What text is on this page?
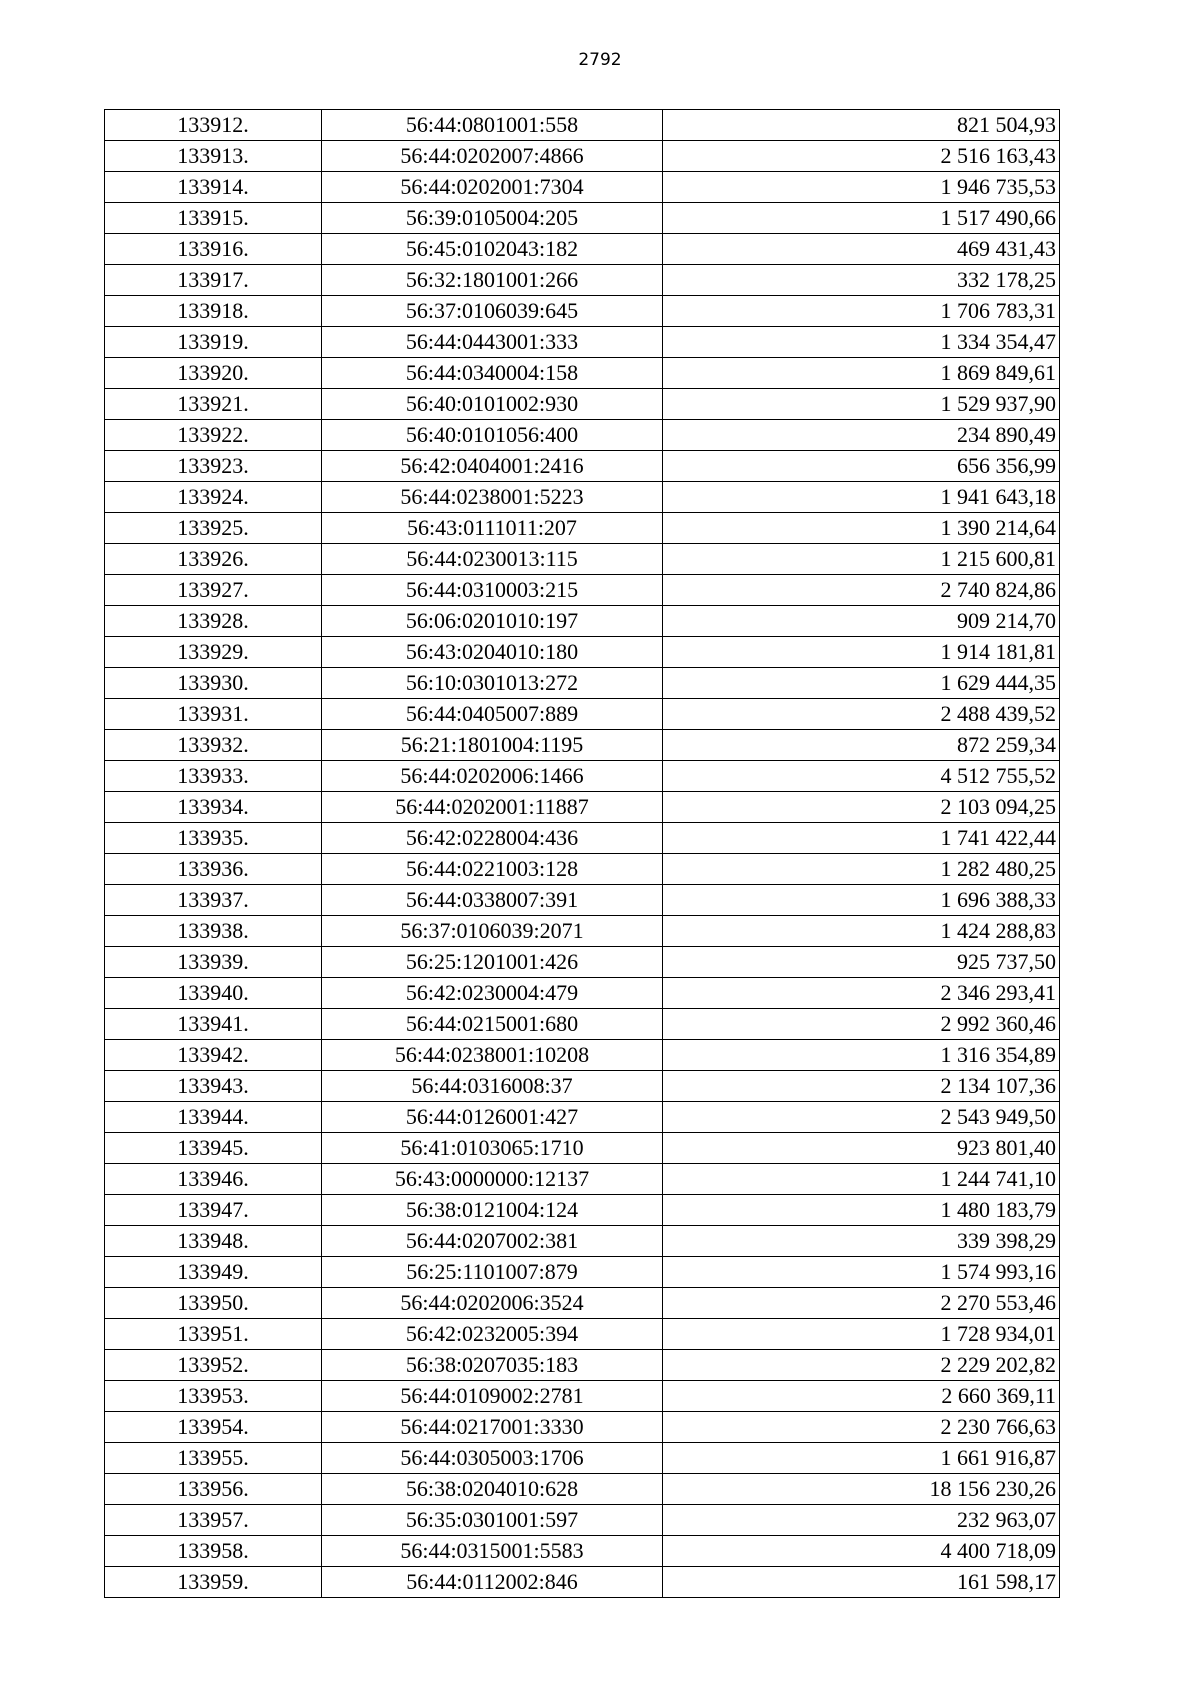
2792
133912.	56:44:0801001:558	821 504,93
133913.	56:44:0202007:4866	2 516 163,43
133914.	56:44:0202001:7304	1 946 735,53
133915.	56:39:0105004:205	1 517 490,66
133916.	56:45:0102043:182	469 431,43
133917.	56:32:1801001:266	332 178,25
133918.	56:37:0106039:645	1 706 783,31
133919.	56:44:0443001:333	1 334 354,47
133920.	56:44:0340004:158	1 869 849,61
133921.	56:40:0101002:930	1 529 937,90
133922.	56:40:0101056:400	234 890,49
133923.	56:42:0404001:2416	656 356,99
133924.	56:44:0238001:5223	1 941 643,18
133925.	56:43:0111011:207	1 390 214,64
133926.	56:44:0230013:115	1 215 600,81
133927.	56:44:0310003:215	2 740 824,86
133928.	56:06:0201010:197	909 214,70
133929.	56:43:0204010:180	1 914 181,81
133930.	56:10:0301013:272	1 629 444,35
133931.	56:44:0405007:889	2 488 439,52
133932.	56:21:1801004:1195	872 259,34
133933.	56:44:0202006:1466	4 512 755,52
133934.	56:44:0202001:11887	2 103 094,25
133935.	56:42:0228004:436	1 741 422,44
133936.	56:44:0221003:128	1 282 480,25
133937.	56:44:0338007:391	1 696 388,33
133938.	56:37:0106039:2071	1 424 288,83
133939.	56:25:1201001:426	925 737,50
133940.	56:42:0230004:479	2 346 293,41
133941.	56:44:0215001:680	2 992 360,46
133942.	56:44:0238001:10208	1 316 354,89
133943.	56:44:0316008:37	2 134 107,36
133944.	56:44:0126001:427	2 543 949,50
133945.	56:41:0103065:1710	923 801,40
133946.	56:43:0000000:12137	1 244 741,10
133947.	56:38:0121004:124	1 480 183,79
133948.	56:44:0207002:381	339 398,29
133949.	56:25:1101007:879	1 574 993,16
133950.	56:44:0202006:3524	2 270 553,46
133951.	56:42:0232005:394	1 728 934,01
133952.	56:38:0207035:183	2 229 202,82
133953.	56:44:0109002:2781	2 660 369,11
133954.	56:44:0217001:3330	2 230 766,63
133955.	56:44:0305003:1706	1 661 916,87
133956.	56:38:0204010:628	18 156 230,26
133957.	56:35:0301001:597	232 963,07
133958.	56:44:0315001:5583	4 400 718,09
133959.	56:44:0112002:846	161 598,17
